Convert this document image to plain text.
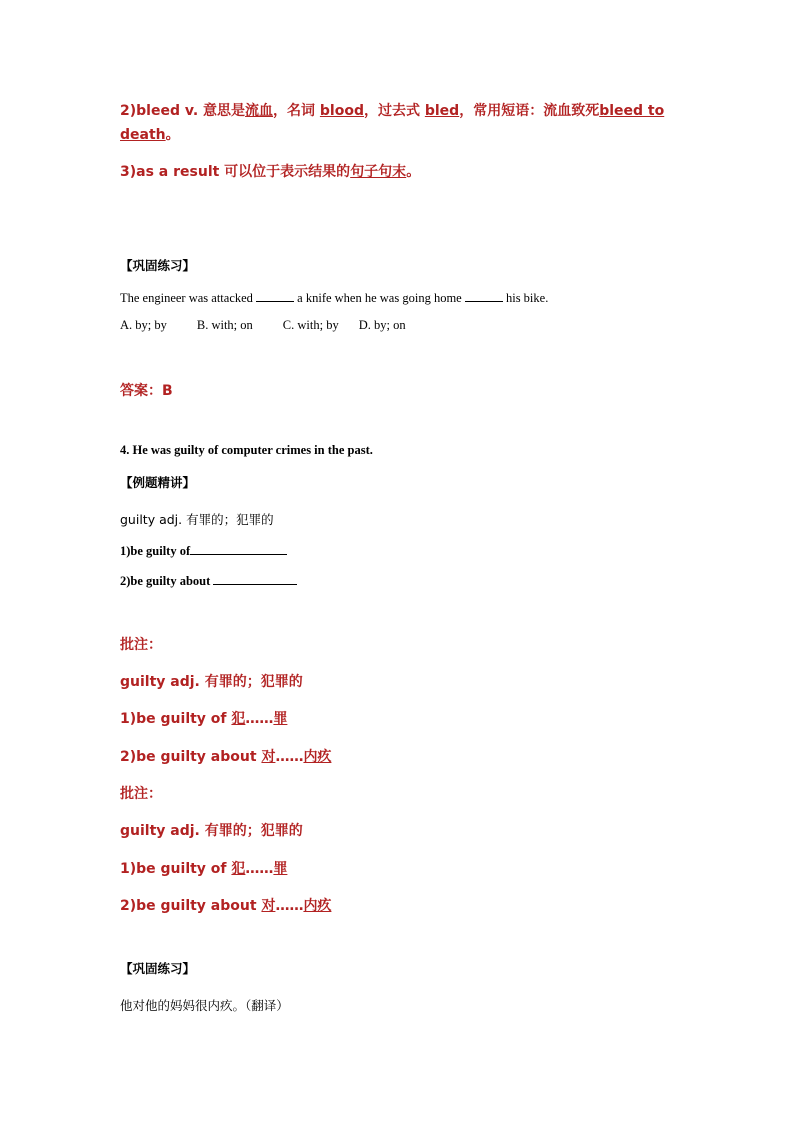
2)bleed v. 意思是流血，名词 blood，过去式 bled，常用短语：流血致死bleed to
death。
3)as a result 可以位于表示结果的句子句末。
【巩固练习】
The engineer was attacked	a knife when he was going home	his bike.
A. by; by B. with; on C. with; by D. by; on
答案：B
4. He was guilty of computer crimes in the past.
【例题精讲】
guilty adj. 有罪的；犯罪的
1)be guilty of
2)be guilty about
批注：
guilty adj. 有罪的；犯罪的
1)be guilty of 犯……罪
2)be guilty about 对……内疚
批注：
guilty adj. 有罪的；犯罪的
1)be guilty of 犯……罪
2)be guilty about 对……内疚
【巩固练习】
他对他的妈妈很内疚。（翻译）
